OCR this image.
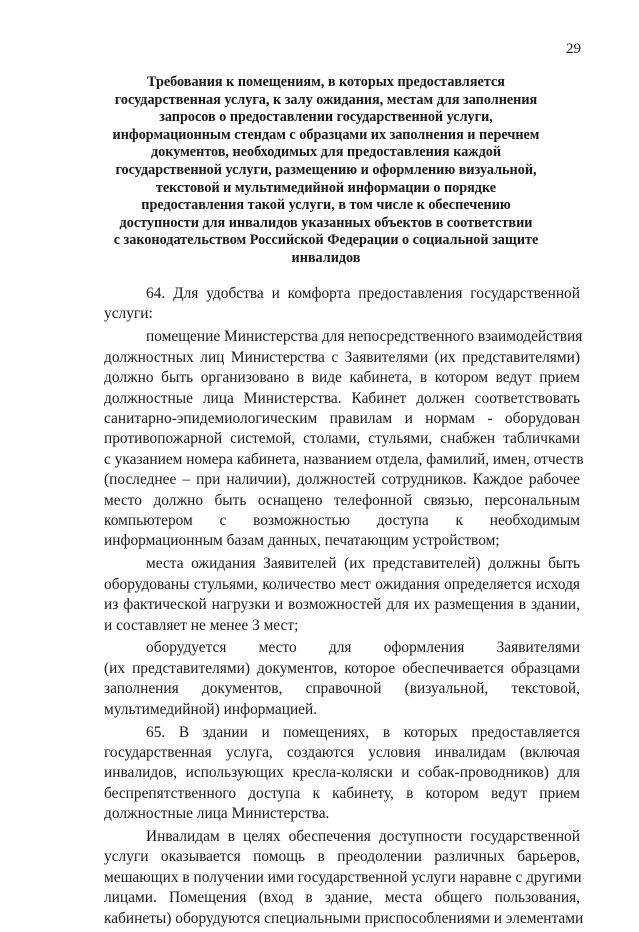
29
Требования к помещениям, в которых предоставляется
государственная услуга, к залу ожидания, местам для заполнения
запросов о предоставлении государственной услуги,
информационным стендам с образцами их заполнения и перечнем
документов, необходимых для предоставления каждой
государственной услуги, размещению и оформлению визуальной,
текстовой и мультимедийной информации о порядке
предоставления такой услуги, в том числе к обеспечению
доступности для инвалидов указанных объектов в соответствии
с законодательством Российской Федерации о социальной защите
инвалидов
64. Для удобства и комфорта предоставления государственной
услуги:
помещение Министерства для непосредственного взаимодействия
должностных лиц Министерства с Заявителями (их представителями)
должно быть организовано в виде кабинета, в котором ведут прием
должностные лица Министерства. Кабинет должен соответствовать
санитарно-эпидемиологическим правилам и нормам - оборудован
противопожарной системой, столами, стульями, снабжен табличками
с указанием номера кабинета, названием отдела, фамилий, имен, отчеств
(последнее – при наличии), должностей сотрудников. Каждое рабочее
место должно быть оснащено телефонной связью, персональным
компьютером с возможностью доступа к необходимым
информационным базам данных, печатающим устройством;
места ожидания Заявителей (их представителей) должны быть
оборудованы стульями, количество мест ожидания определяется исходя
из фактической нагрузки и возможностей для их размещения в здании,
и составляет не менее 3 мест;
оборудуется место для оформления Заявителями
(их представителями) документов, которое обеспечивается образцами
заполнения документов, справочной (визуальной, текстовой,
мультимедийной) информацией.
65. В здании и помещениях, в которых предоставляется
государственная услуга, создаются условия инвалидам (включая
инвалидов, использующих кресла-коляски и собак-проводников) для
беспрепятственного доступа к кабинету, в котором ведут прием
должностные лица Министерства.
Инвалидам в целях обеспечения доступности государственной
услуги оказывается помощь в преодолении различных барьеров,
мешающих в получении ими государственной услуги наравне с другими
лицами. Помещения (вход в здание, места общего пользования,
кабинеты) оборудуются специальными приспособлениями и элементами
